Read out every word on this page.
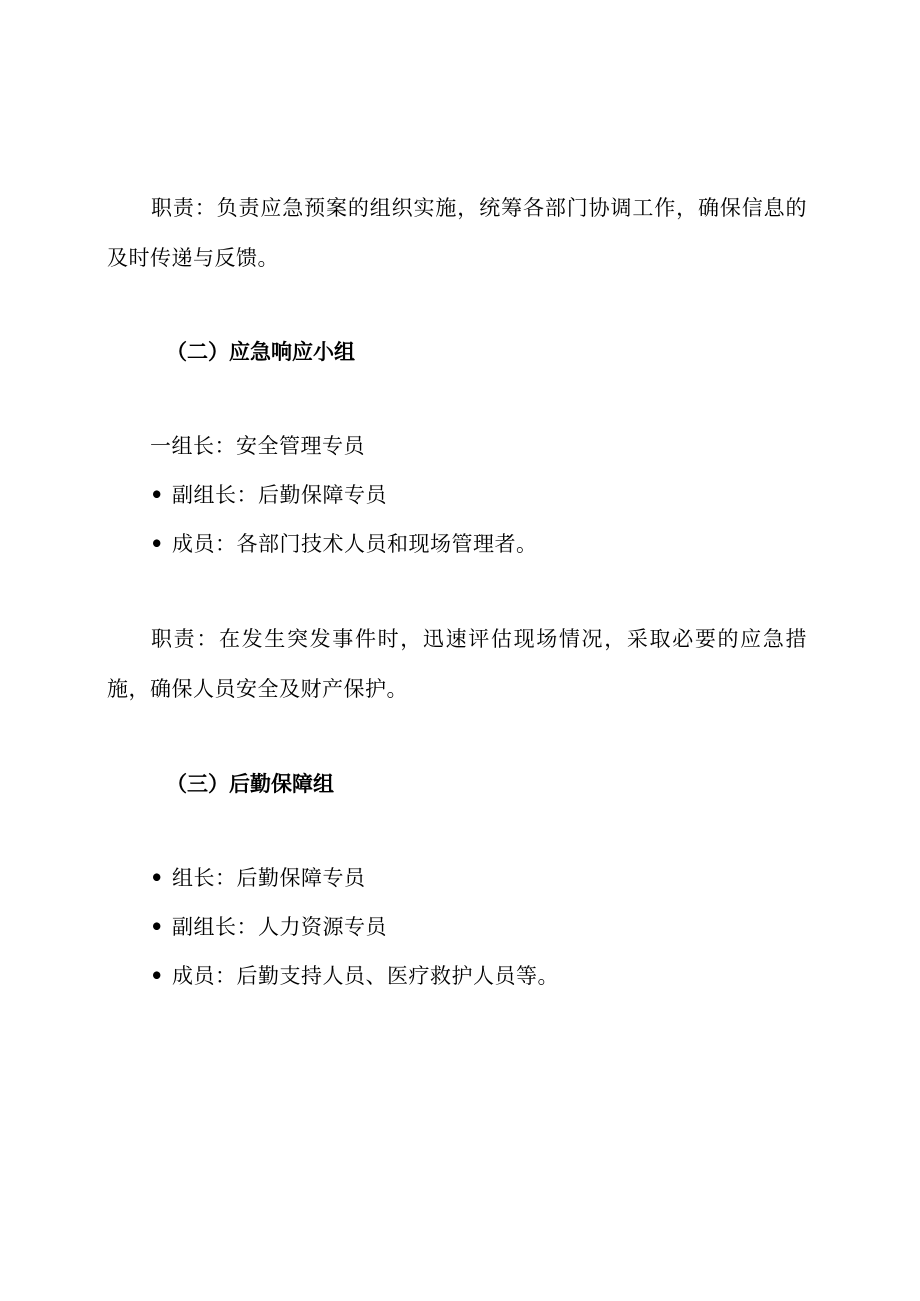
职责：负责应急预案的组织实施，统筹各部门协调工作，确保信息的及时传递与反馈。

（二）应急响应小组

一组长：安全管理专员

• 副组长：后勤保障专员

• 成员：各部门技术人员和现场管理者。

职责：在发生突发事件时，迅速评估现场情况，采取必要的应急措施，确保人员安全及财产保护。

（三）后勤保障组

• 组长：后勤保障专员

• 副组长：人力资源专员

• 成员：后勤支持人员、医疗救护人员等。
